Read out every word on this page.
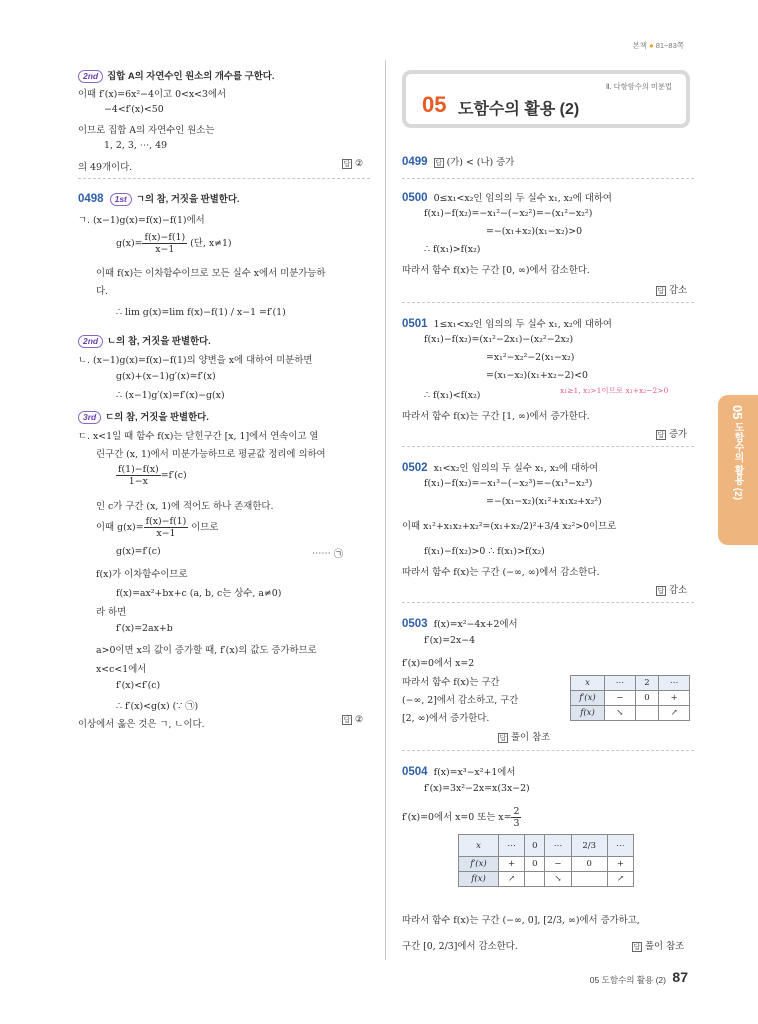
본책 ● 81~83쪽
2nd 집합 A의 자연수인 원소의 개수를 구한다.
이때 f′(x)=6x²−4이고 0<x<3에서
−4<f′(x)<50
이므로 집합 A의 자연수인 원소는
1, 2, 3, ⋯, 49
의 49개이다.	답 ②
0498 1st ㄱ의 참, 거짓을 판별한다.
ㄱ. (x−1)g(x)=f(x)−f(1)에서
$g(x)= \frac{f(x)-f(1)}{x-1}$ (단, x≠1)
이때 f(x)는 이차함수이므로 모든 실수 x에서 미분가능하
다.
∴ lim g(x)=lim f(x)−f(1) / x−1 =f′(1)
2nd ㄴ의 참, 거짓을 판별한다.
ㄴ. (x−1)g(x)=f(x)−f(1)의 양변을 x에 대하여 미분하면
g(x)+(x−1)g′(x)=f′(x)
∴ (x−1)g′(x)=f′(x)−g(x)
3rd ㄷ의 참, 거짓을 판별한다.
ㄷ. x<1일 때 함수 f(x)는 닫힌구간 [x, 1]에서 연속이고 열
린구간 (x, 1)에서 미분가능하므로 평균값 정리에 의하여
$\frac{f(1)-f(x)}{1-x} =f'(c)$
인 c가 구간 (x, 1)에 적어도 하나 존재한다.
이때 $g(x)= \frac{f(x)-f(1)}{x-1}$ 이므로
g(x)=f′(c)	⋯⋯ ㉠
f(x)가 이차함수이므로
f(x)=ax²+bx+c (a, b, c는 상수, a≠0)
라 하면
f′(x)=2ax+b
a>0이면 x의 값이 증가할 때, f′(x)의 값도 증가하므로
x<c<1에서
f′(x)<f′(c)
∴ f′(x)<g(x) (∵ ㉠)
이상에서 옳은 것은 ㄱ, ㄴ이다.	답 ②
Ⅱ. 다항함수의 미분법
05 도함수의 활용 (2)
0499 답 (가) < (나) 증가
0500 0≤x₁<x₂인 임의의 두 실수 x₁, x₂에 대하여
f(x₁)−f(x₂)=−x₁²−(−x₂²)=−(x₁²−x₂²)
=−(x₁+x₂)(x₁−x₂)>0
∴ f(x₁)>f(x₂)
따라서 함수 f(x)는 구간 [0, ∞)에서 감소한다.
답 감소
0501 1≤x₁<x₂인 임의의 두 실수 x₁, x₂에 대하여
f(x₁)−f(x₂)=(x₁²−2x₁)−(x₂²−2x₂)
=x₁²−x₂²−2(x₁−x₂)
=(x₁−x₂)(x₁+x₂−2)<0
x₁≥1, x₂>1이므로 x₁+x₂−2>0
∴ f(x₁)<f(x₂)
따라서 함수 f(x)는 구간 [1, ∞)에서 증가한다.
답 증가
0502 x₁<x₂인 임의의 두 실수 x₁, x₂에 대하여
f(x₁)−f(x₂)=−x₁³−(−x₂³)=−(x₁³−x₂³)
=−(x₁−x₂)(x₁²+x₁x₂+x₂²)
이때 x₁²+x₁x₂+x₂²=(x₁+x₂/2)²+3/4 x₂²>0이므로
f(x₁)−f(x₂)>0 ∴ f(x₁)>f(x₂)
따라서 함수 f(x)는 구간 (−∞, ∞)에서 감소한다.
답 감소
0503 f(x)=x²−4x+2에서
f′(x)=2x−4
f′(x)=0에서 x=2
따라서 함수 f(x)는 구간
(−∞, 2]에서 감소하고, 구간
[2, ∞)에서 증가한다.
답 풀이 참조
x	⋯	2	⋯
f′(x)	−	0	+
f(x)	↘		↗
0504 f(x)=x³−x²+1에서
f′(x)=3x²−2x=x(3x−2)
f′(x)=0에서 x=0 또는 $x= \frac{2}{3}$
x	⋯	0	⋯	2/3	⋯
f′(x)	+	0	−	0	+
f(x)	↗		↘		↗
따라서 함수 f(x)는 구간 (−∞, 0], [2/3, ∞)에서 증가하고,
구간 [0, 2/3]에서 감소한다.	답 풀이 참조
05 도함수의 활용 (2)
05 도함수의 활용 (2) 87
